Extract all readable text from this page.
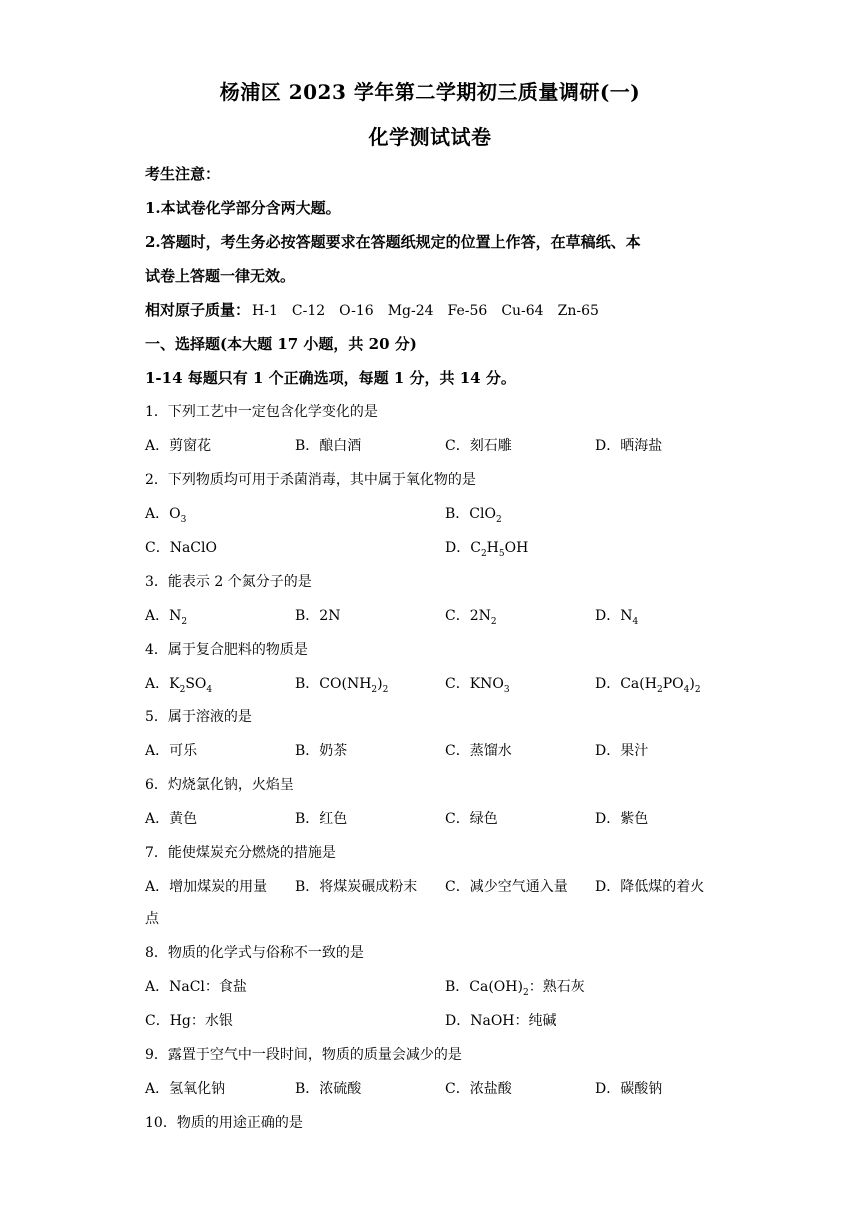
杨浦区 2023 学年第二学期初三质量调研(一)
化学测试试卷
考生注意：
1.本试卷化学部分含两大题。
2.答题时，考生务必按答题要求在答题纸规定的位置上作答，在草稿纸、本
试卷上答题一律无效。
相对原子质量： H-1 C-12 O-16 Mg-24 Fe-56 Cu-64 Zn-65
一、选择题(本大题 17 小题，共 20 分)
1-14 每题只有 1 个正确选项，每题 1 分，共 14 分。
1．下列工艺中一定包含化学变化的是
A．剪窗花	B．酿白酒	C．刻石雕	D．晒海盐
2．下列物质均可用于杀菌消毒，其中属于氧化物的是
A．$O_3$	B．ClO$_2$
C．NaClO	D．$C_2H_5OH$
3．能表示 2 个氮分子的是
A．$N_2$	B．2N	C．$2N_2$	D．$N_4$
4．属于复合肥料的物质是
A．$K_2SO_4$	B．$CO(NH_2)_2$	C．$KNO_3$	D．$Ca(H_2PO_4)_2$
5．属于溶液的是
A．可乐	B．奶茶	C．蒸馏水	D．果汁
6．灼烧氯化钠，火焰呈
A．黄色	B．红色	C．绿色	D．紫色
7．能使煤炭充分燃烧的措施是
A．增加煤炭的用量 B．将煤炭碾成粉末 C．减少空气通入量 D．降低煤的着火
点
8．物质的化学式与俗称不一致的是
A．NaCl：食盐	B．$Ca(OH)_2$：熟石灰
C．Hg：水银	D．NaOH：纯碱
9．露置于空气中一段时间，物质的质量会减少的是
A．氢氧化钠	B．浓硫酸	C．浓盐酸	D．碳酸钠
10．物质的用途正确的是
